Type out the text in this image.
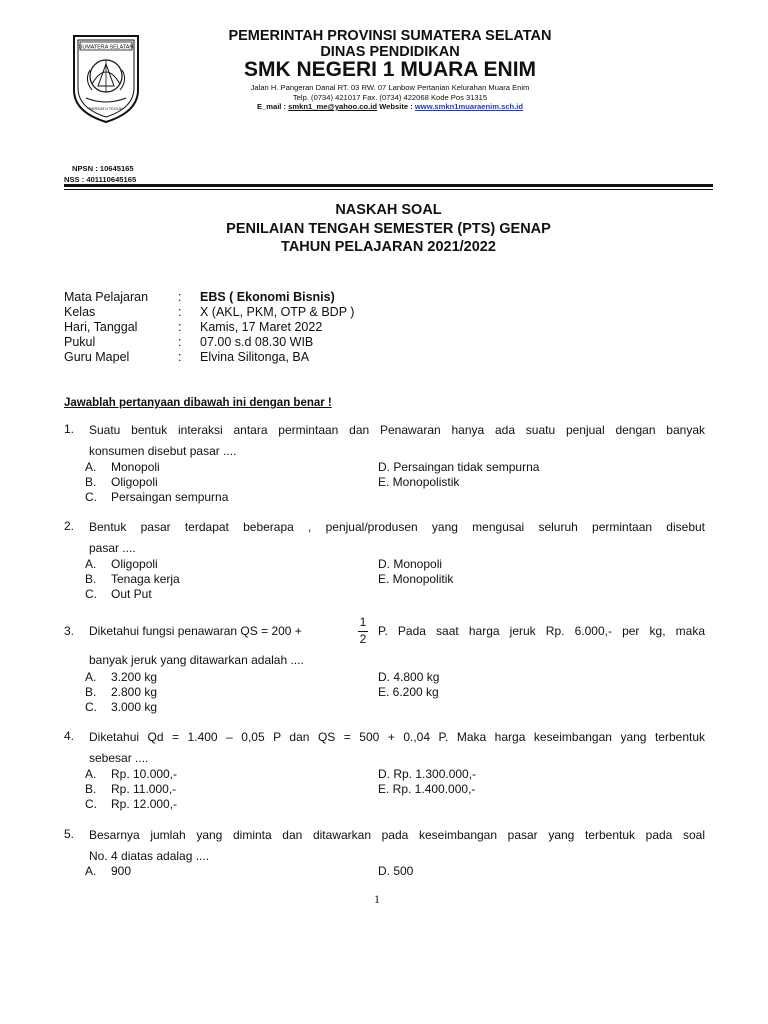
SUMATERA SELATAN
BERSATU TEGUH
PEMERINTAH PROVINSI SUMATERA SELATAN
DINAS PENDIDIKAN
SMK NEGERI 1 MUARA ENIM
Jalan H. Pangeran Danal RT. 03 RW. 07 Lanbow Pertanian Kelurahan Muara Enim
Telp. (0734) 421017 Fax. (0734) 422068 Kode Pos 31315
E_mail : smkn1_me@yahoo.co.id Website : www.smkn1muaraenim.sch.id
NPSN : 10645165
NSS : 401110645165
NASKAH SOAL
PENILAIAN TENGAH SEMESTER (PTS) GENAP
TAHUN PELAJARAN 2021/2022
Mata Pelajaran : EBS ( Ekonomi Bisnis)
Kelas	: X (AKL, PKM, OTP & BDP )
Hari, Tanggal	: Kamis, 17 Maret 2022
Pukul	: 07.00 s.d 08.30 WIB
Guru Mapel	: Elvina Silitonga, BA
Jawablah pertanyaan dibawah ini dengan benar !
1. Suatu bentuk interaksi antara permintaan dan Penawaran hanya ada suatu penjual dengan banyak
konsumen disebut pasar ....
A. Monopoli
B. Oligopoli
C. Persaingan sempurna
D. Persaingan tidak sempurna
E. Monopolistik
2. Bentuk pasar terdapat beberapa , penjual/produsen yang mengusai seluruh permintaan disebut
pasar ....
A. Oligopoli
B. Tenaga kerja
C. Out Put
D. Monopoli
E. Monopolitik
3. Diketahui fungsi penawaran QS = 200 +
1
2
P. Pada saat harga jeruk Rp. 6.000,- per kg, maka
banyak jeruk yang ditawarkan adalah ....
A. 3.200 kg
B. 2.800 kg
C. 3.000 kg
D. 4.800 kg
E. 6.200 kg
4. Diketahui Qd = 1.400 – 0,05 P dan QS = 500 + 0.,04 P. Maka harga keseimbangan yang terbentuk
sebesar ....
A. Rp. 10.000,-
B. Rp. 11.000,-
C. Rp. 12.000,-
D. Rp. 1.300.000,-
E. Rp. 1.400.000,-
5. Besarnya jumlah yang diminta dan ditawarkan pada keseimbangan pasar yang terbentuk pada soal
No. 4 diatas adalag ....
A. 900	D. 500
1
